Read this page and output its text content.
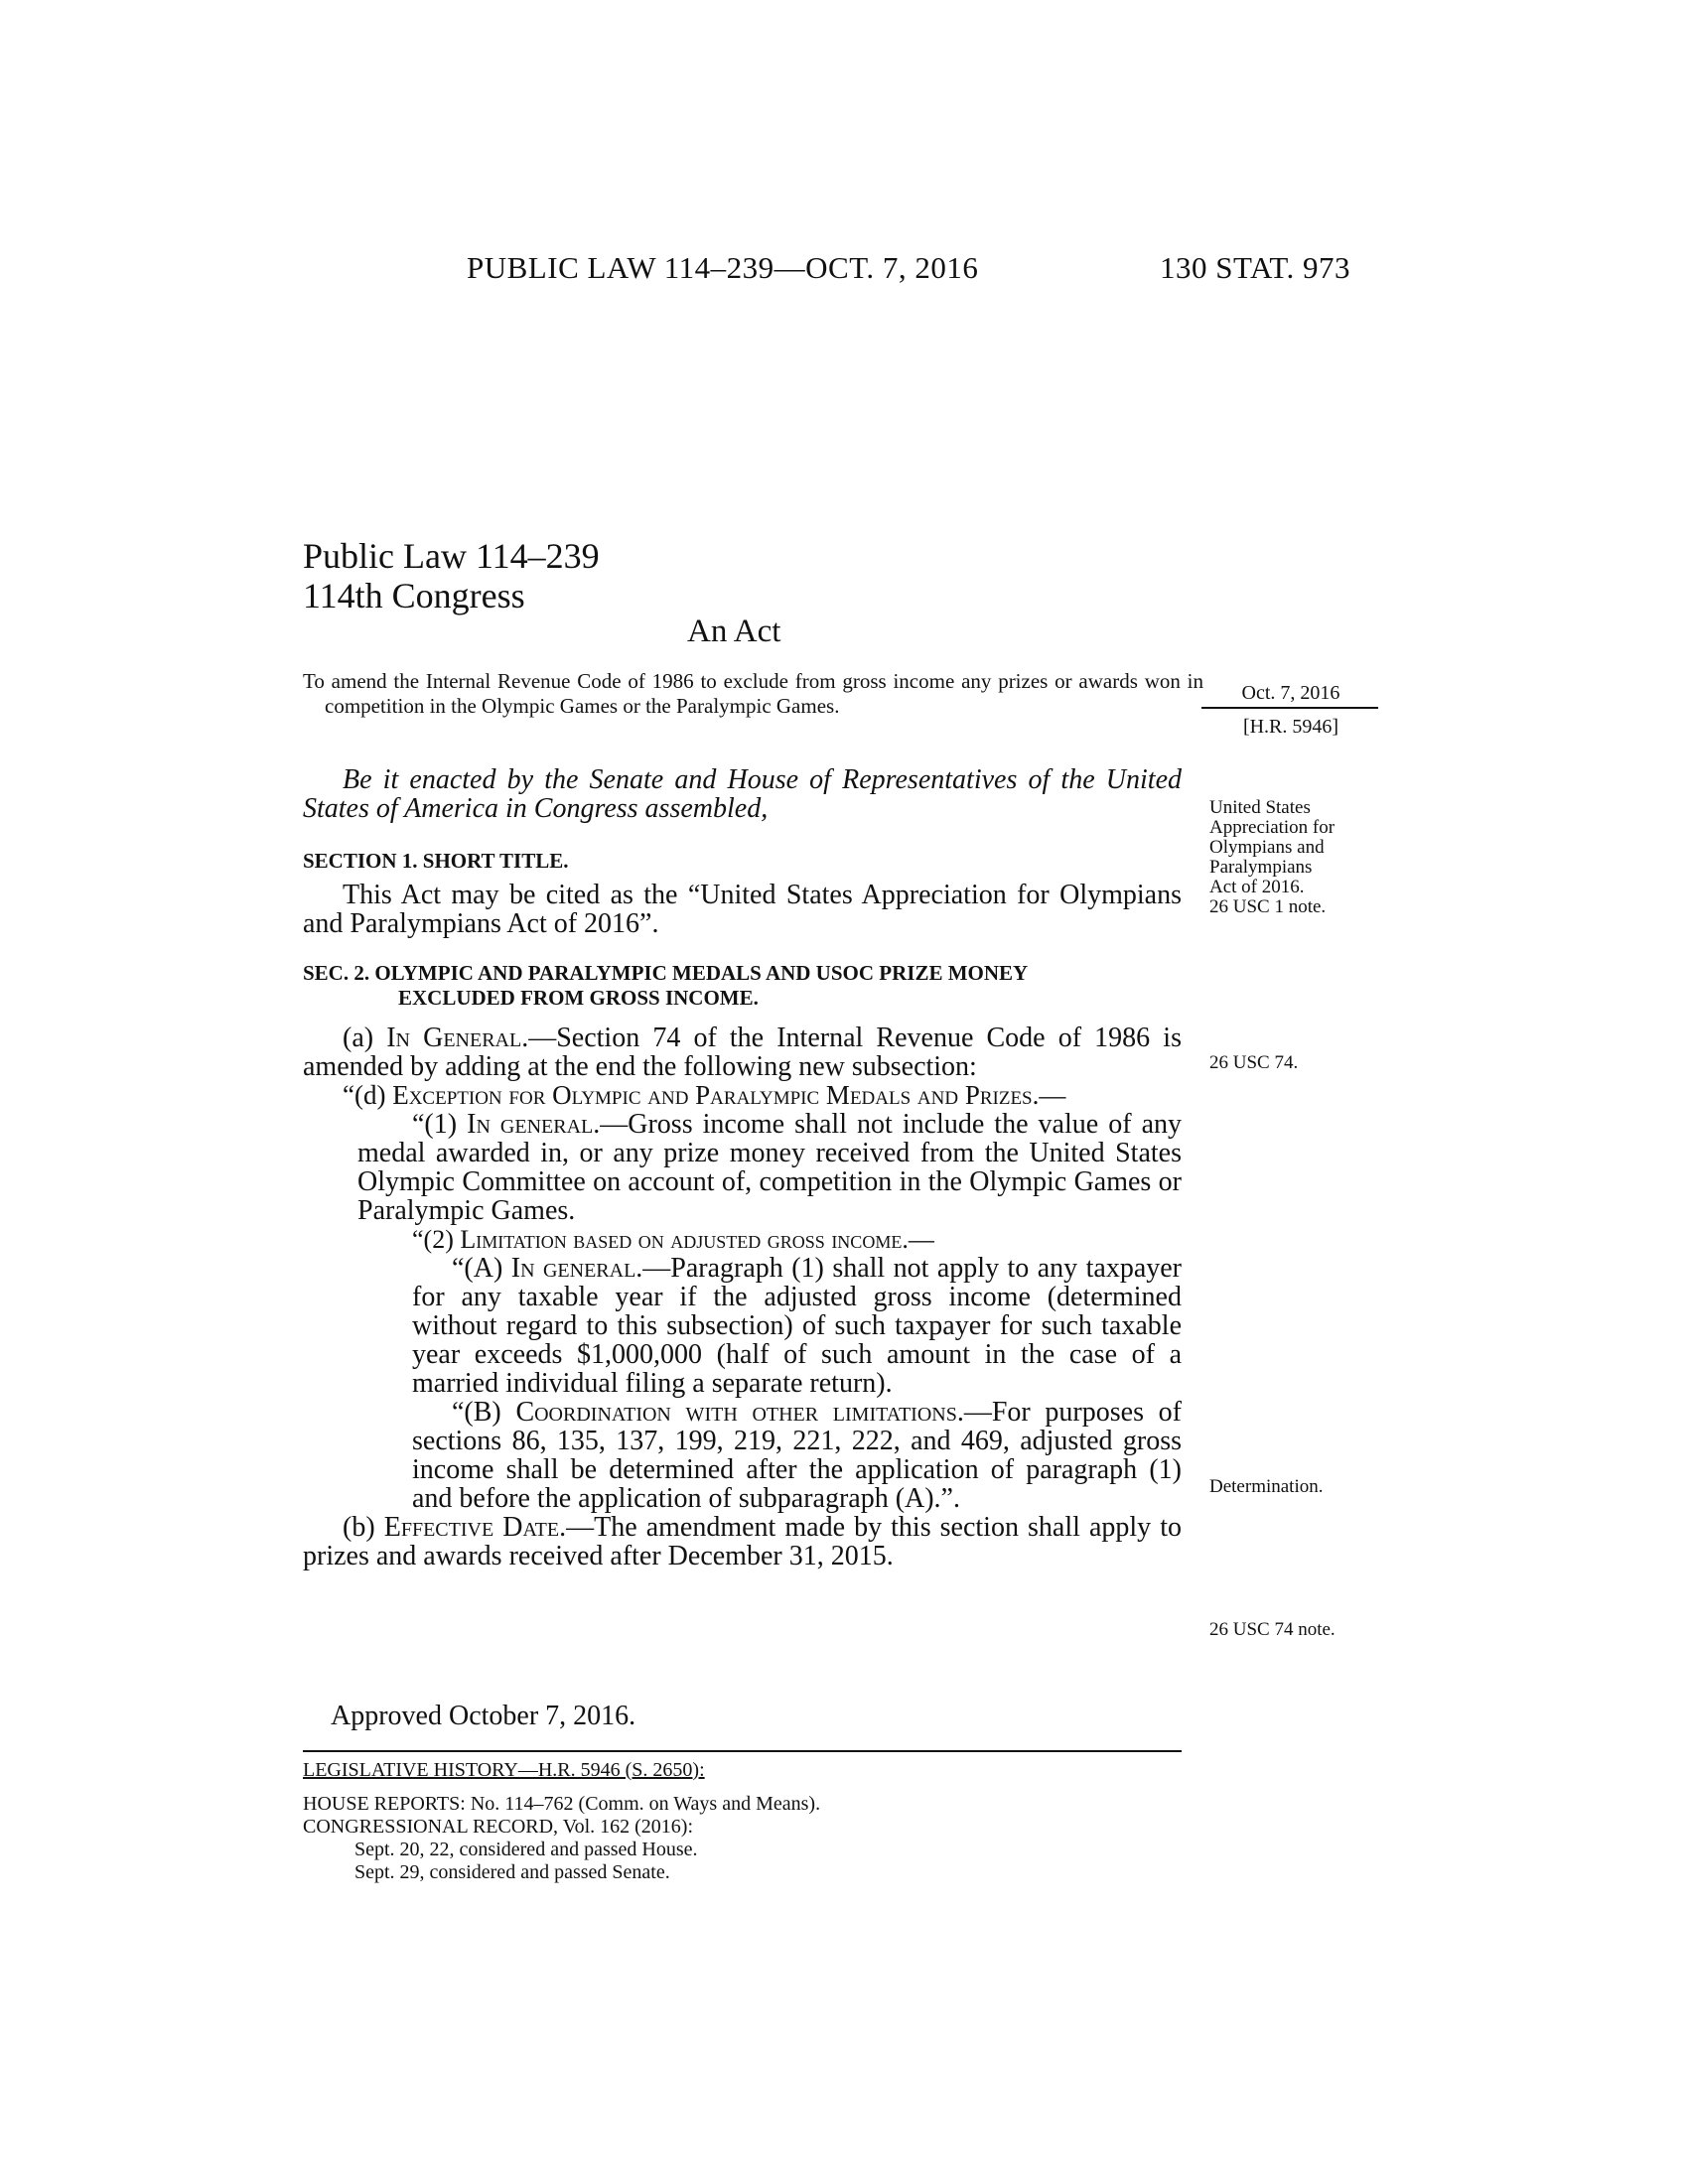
PUBLIC LAW 114–239—OCT. 7, 2016	130 STAT. 973
Public Law 114–239
114th Congress
An Act
To amend the Internal Revenue Code of 1986 to exclude from gross income any prizes or awards won in competition in the Olympic Games or the Paralympic Games.
Oct. 7, 2016
[H.R. 5946]
Be it enacted by the Senate and House of Representatives of the United States of America in Congress assembled,	United States
Appreciation for
Olympians and
Paralympians
Act of 2016.
26 USC 1 note.
SECTION 1. SHORT TITLE.
This Act may be cited as the “United States Appreciation for Olympians and Paralympians Act of 2016”.
SEC. 2. OLYMPIC AND PARALYMPIC MEDALS AND USOC PRIZE MONEY
EXCLUDED FROM GROSS INCOME.
(a) In General.—Section 74 of the Internal Revenue Code of 1986 is amended by adding at the end the following new subsection:
“(d) Exception for Olympic and Paralympic Medals and Prizes.—
“(1) In general.—Gross income shall not include the value of any medal awarded in, or any prize money received from the United States Olympic Committee on account of, competition in the Olympic Games or Paralympic Games.
“(2) Limitation based on adjusted gross income.—
“(A) In general.—Paragraph (1) shall not apply to any taxpayer for any taxable year if the adjusted gross income (determined without regard to this subsection) of such taxpayer for such taxable year exceeds $1,000,000 (half of such amount in the case of a married individual filing a separate return).
“(B) Coordination with other limitations.—For purposes of sections 86, 135, 137, 199, 219, 221, 222, and 469, adjusted gross income shall be determined after the application of paragraph (1) and before the application of subparagraph (A).”.
(b) Effective Date.—The amendment made by this section shall apply to prizes and awards received after December 31, 2015.
26 USC 74.
Determination.
26 USC 74 note.
Approved October 7, 2016.
LEGISLATIVE HISTORY—H.R. 5946 (S. 2650):
HOUSE REPORTS: No. 114–762 (Comm. on Ways and Means).
CONGRESSIONAL RECORD, Vol. 162 (2016):
Sept. 20, 22, considered and passed House.
Sept. 29, considered and passed Senate.
